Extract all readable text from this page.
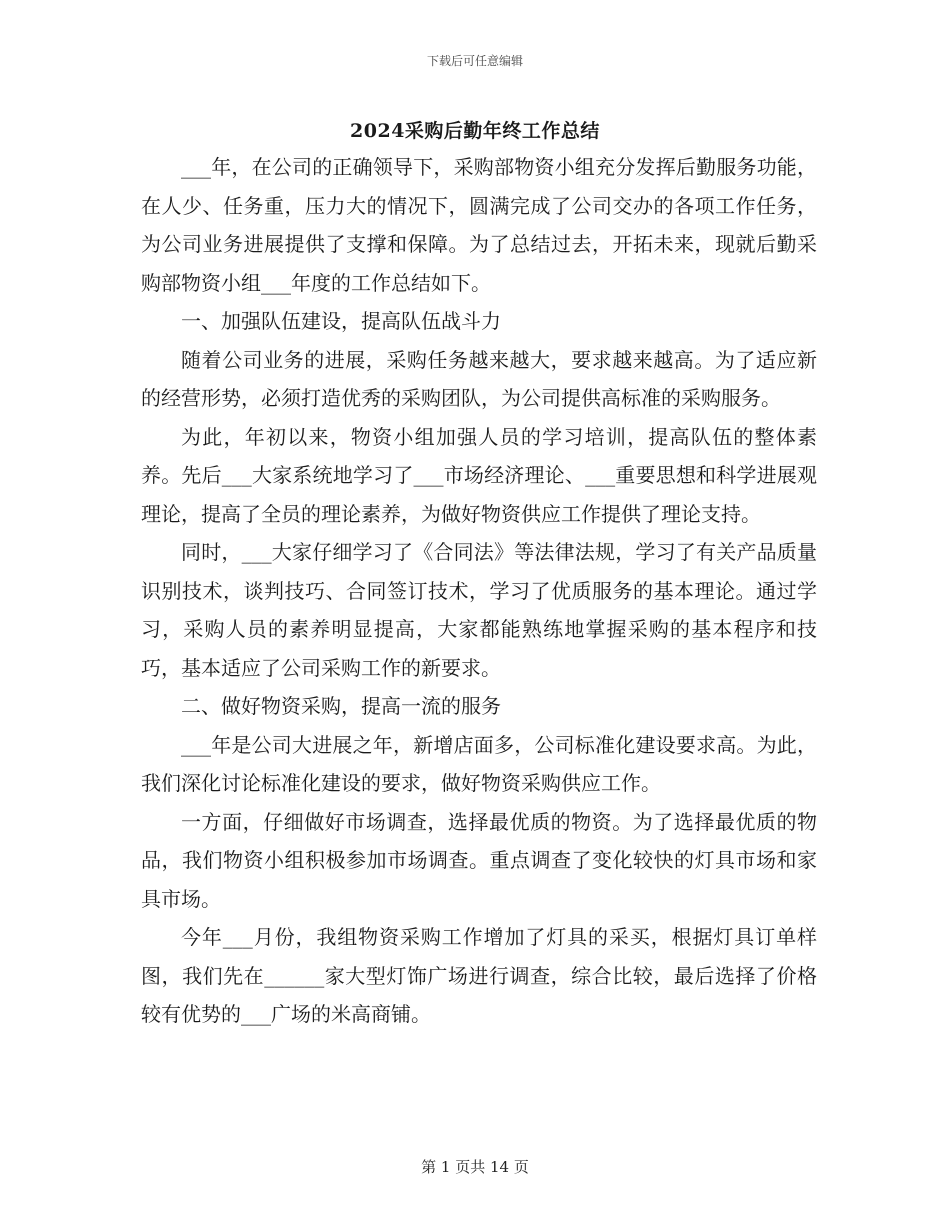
下载后可任意编辑
2024采购后勤年终工作总结

___年，在公司的正确领导下，采购部物资小组充分发挥后勤服务功能，在人少、任务重，压力大的情况下，圆满完成了公司交办的各项工作任务，为公司业务进展提供了支撑和保障。为了总结过去，开拓未来，现就后勤采购部物资小组___年度的工作总结如下。

一、加强队伍建设，提高队伍战斗力

随着公司业务的进展，采购任务越来越大，要求越来越高。为了适应新的经营形势，必须打造优秀的采购团队，为公司提供高标准的采购服务。

为此，年初以来，物资小组加强人员的学习培训，提高队伍的整体素养。先后___大家系统地学习了___市场经济理论、___重要思想和科学进展观理论，提高了全员的理论素养，为做好物资供应工作提供了理论支持。

同时，___大家仔细学习了《合同法》等法律法规，学习了有关产品质量识别技术，谈判技巧、合同签订技术，学习了优质服务的基本理论。通过学习，采购人员的素养明显提高，大家都能熟练地掌握采购的基本程序和技巧，基本适应了公司采购工作的新要求。

二、做好物资采购，提高一流的服务

___年是公司大进展之年，新增店面多，公司标准化建设要求高。为此，我们深化讨论标准化建设的要求，做好物资采购供应工作。

一方面，仔细做好市场调查，选择最优质的物资。为了选择最优质的物品，我们物资小组积极参加市场调查。重点调查了变化较快的灯具市场和家具市场。

今年___月份，我组物资采购工作增加了灯具的采买，根据灯具订单样图，我们先在______家大型灯饰广场进行调查，综合比较，最后选择了价格较有优势的___广场的米高商铺。

第 1 页共 14 页
